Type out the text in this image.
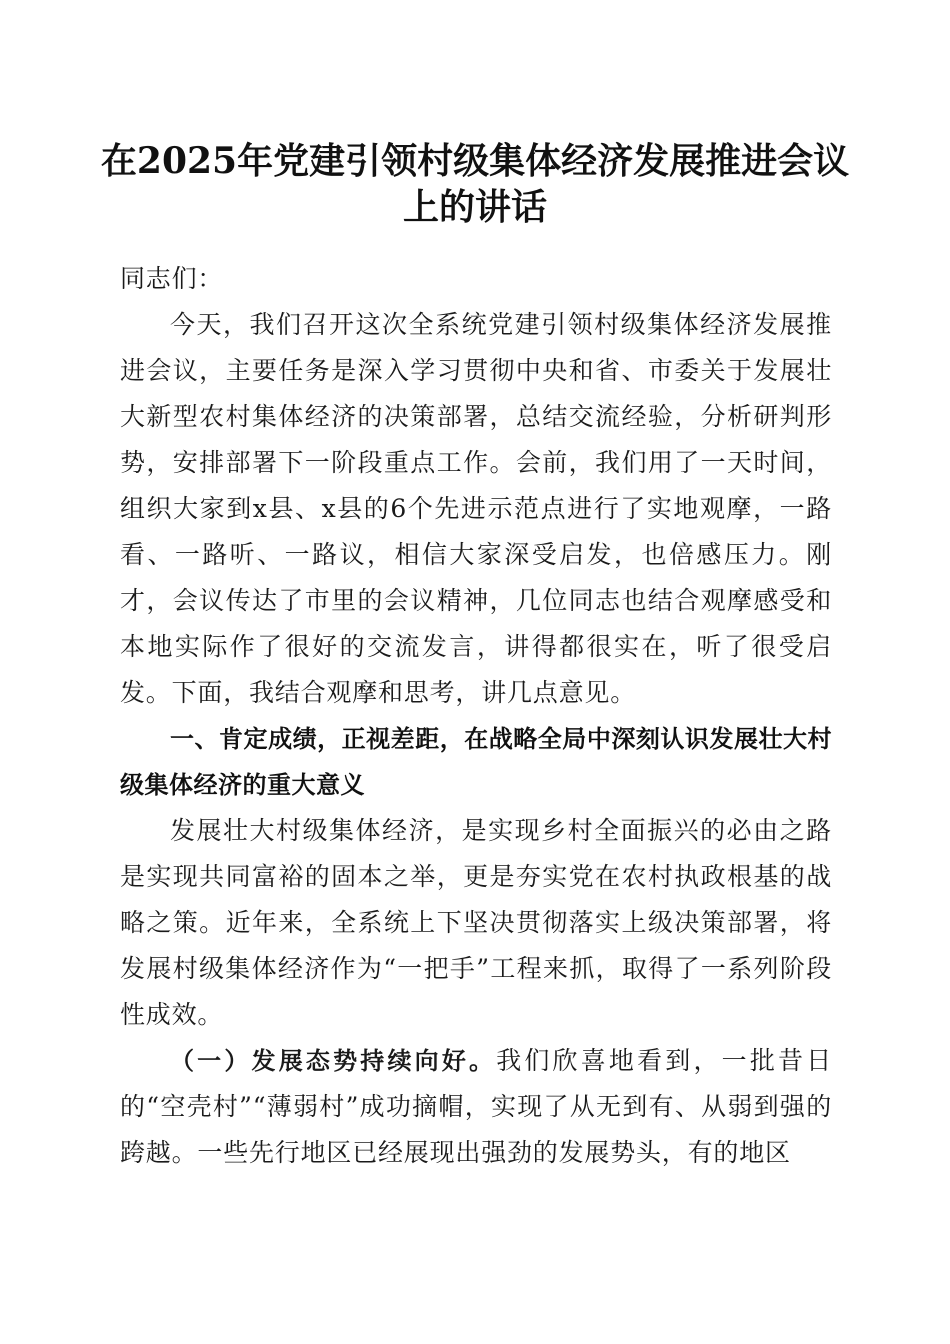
在2025年党建引领村级集体经济发展推进会议上的讲话

同志们：

今天，我们召开这次全系统党建引领村级集体经济发展推进会议，主要任务是深入学习贯彻中央和省、市委关于发展壮大新型农村集体经济的决策部署，总结交流经验，分析研判形势，安排部署下一阶段重点工作。会前，我们用了一天时间，组织大家到x县、x县的6个先进示范点进行了实地观摩，一路看、一路听、一路议，相信大家深受启发，也倍感压力。刚才，会议传达了市里的会议精神，几位同志也结合观摩感受和本地实际作了很好的交流发言，讲得都很实在，听了很受启发。下面，我结合观摩和思考，讲几点意见。

一、肯定成绩，正视差距，在战略全局中深刻认识发展壮大村级集体经济的重大意义

发展壮大村级集体经济，是实现乡村全面振兴的必由之路是实现共同富裕的固本之举，更是夯实党在农村执政根基的战略之策。近年来，全系统上下坚决贯彻落实上级决策部署，将发展村级集体经济作为“一把手”工程来抓，取得了一系列阶段性成效。

（一）发展态势持续向好。我们欣喜地看到，一批昔日的“空壳村”“薄弱村”成功摘帽，实现了从无到有、从弱到强的跨越。一些先行地区已经展现出强劲的发展势头，有的地区
